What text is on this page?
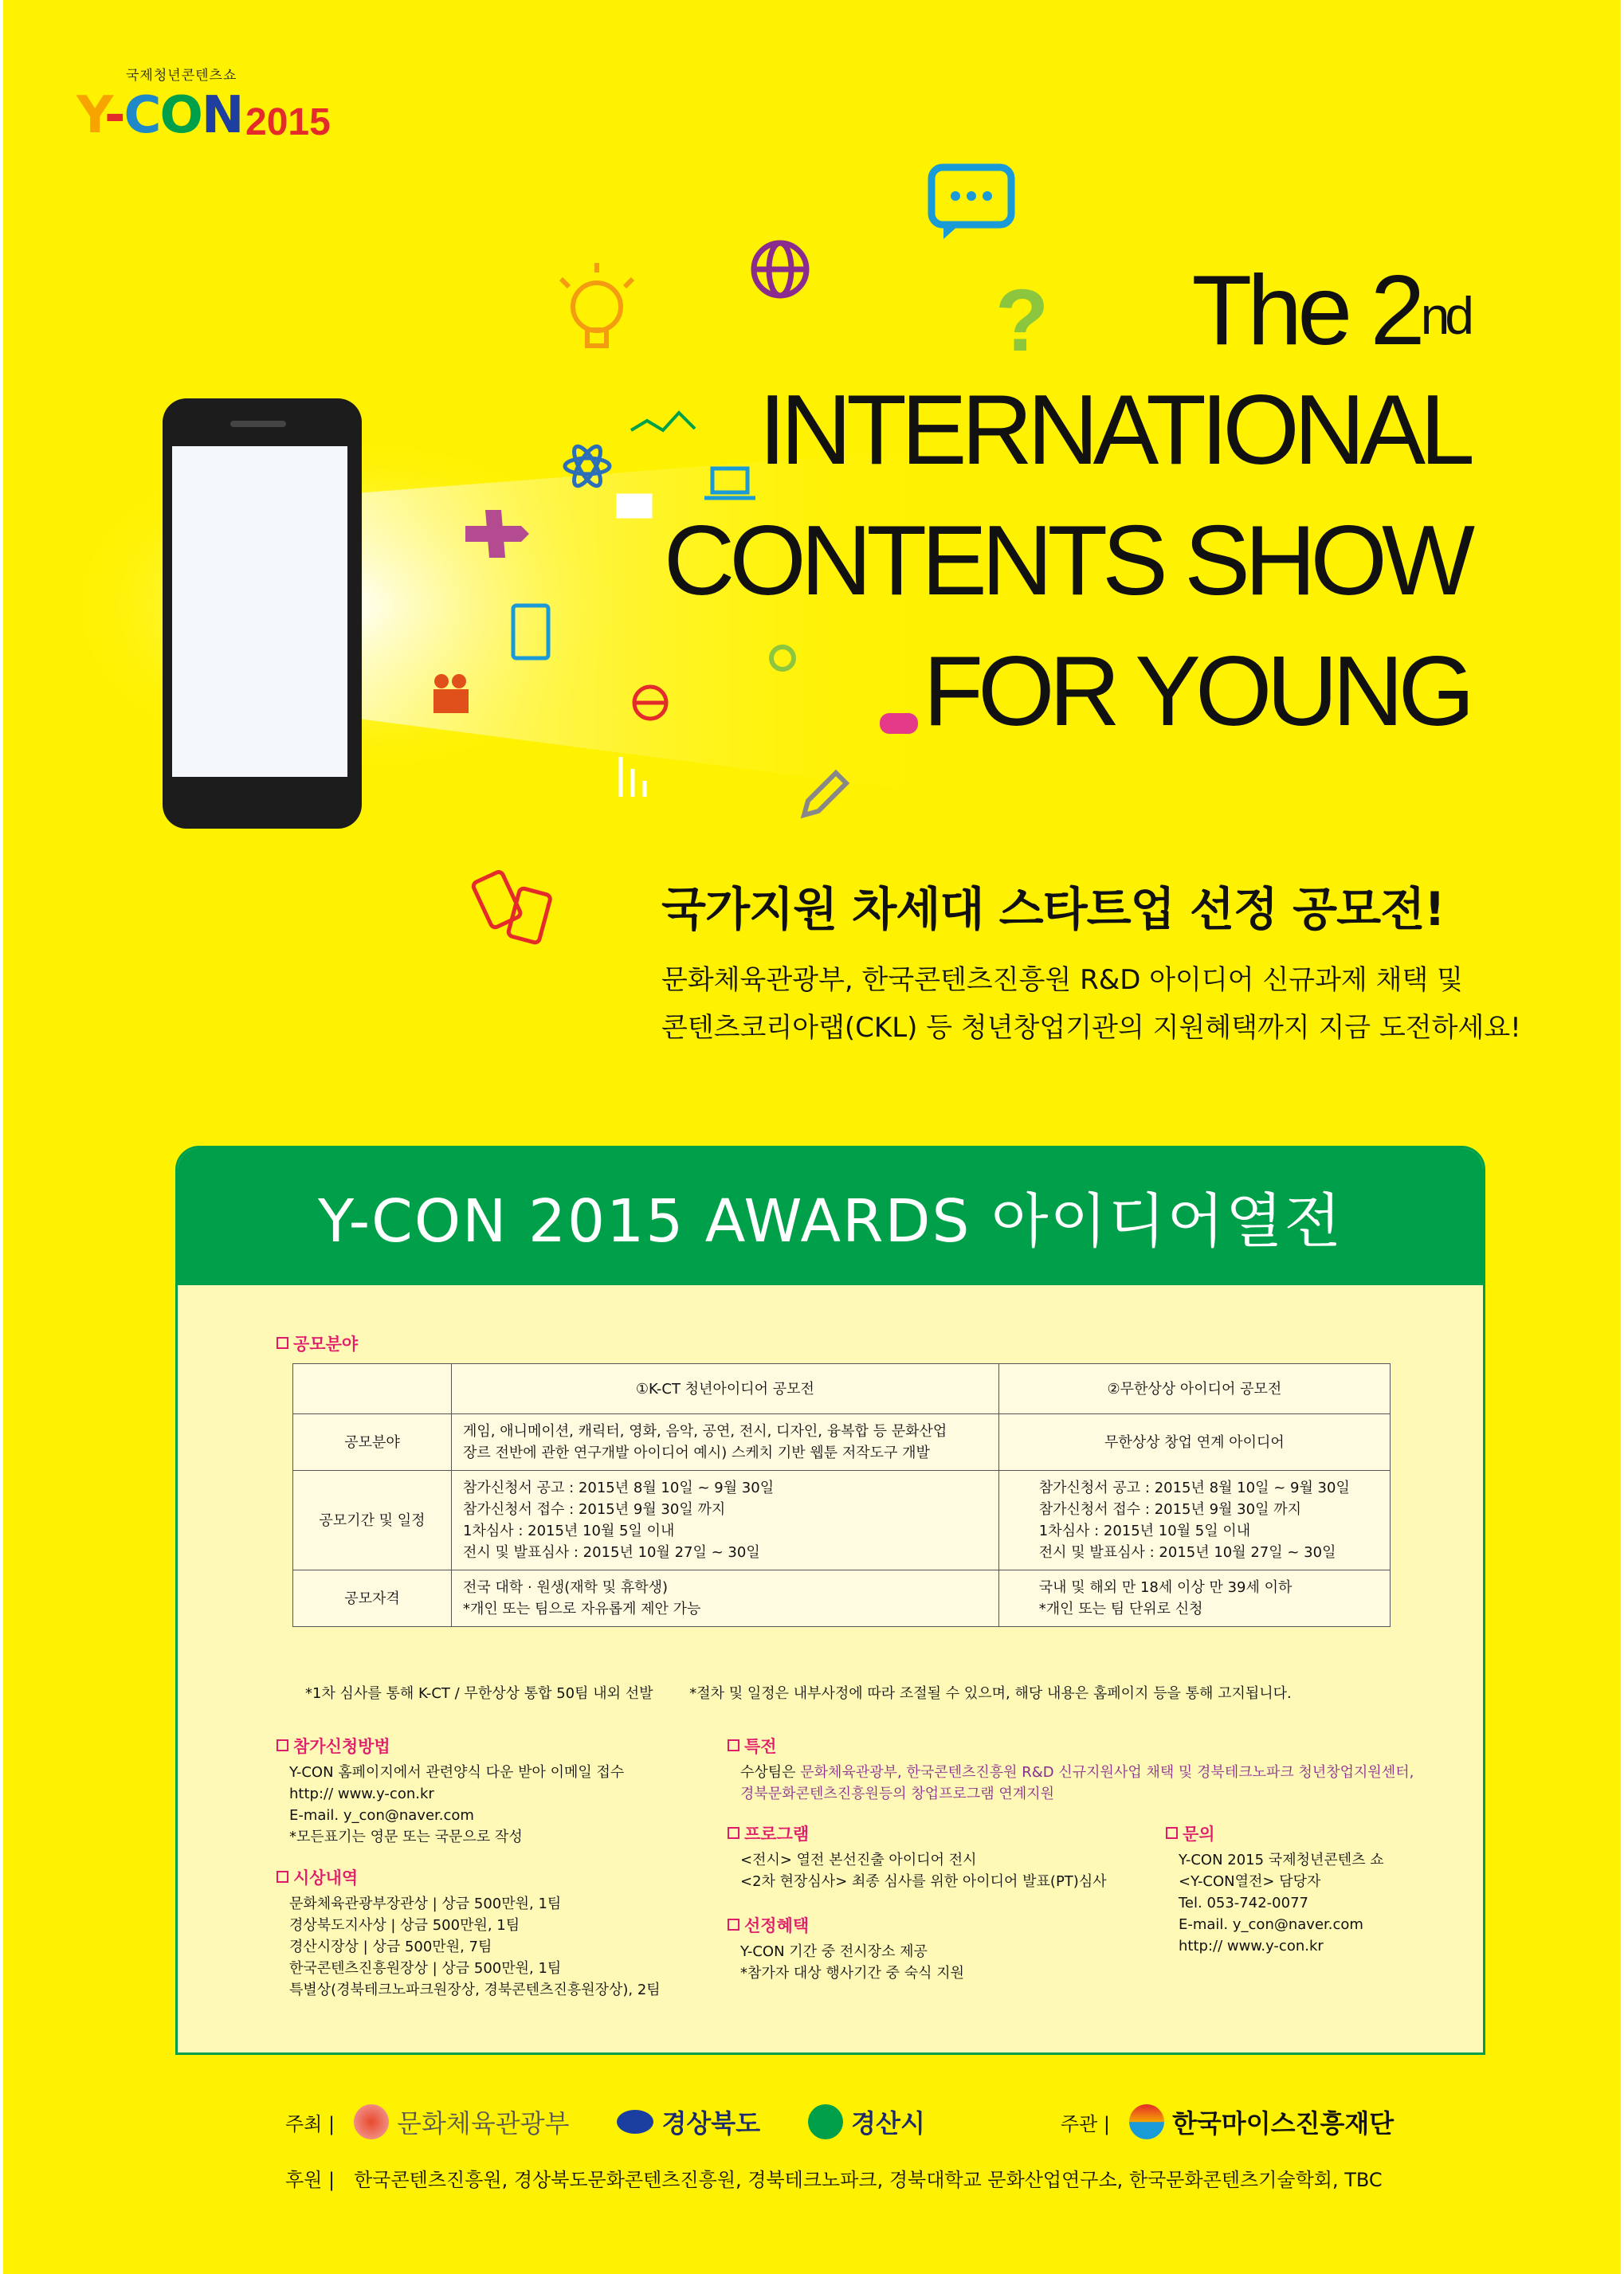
국제청년콘텐츠쇼
Y-CON 2015
?	The 2nd
INTERNATIONAL
CONTENTS SHOW
FOR YOUNG
국가지원 차세대 스타트업 선정 공모전!
문화체육관광부, 한국콘텐츠진흥원 R&D 아이디어 신규과제 채택 및
콘텐츠코리아랩(CKL) 등 청년창업기관의 지원혜택까지 지금 도전하세요!
Y-CON 2015 AWARDS 아이디어열전
공모분야
	①K-CT 청년아이디어 공모전	②무한상상 아이디어 공모전
공모분야	게임, 애니메이션, 캐릭터, 영화, 음악, 공연, 전시, 디자인, 융복합 등 문화산업
장르 전반에 관한 연구개발 아이디어 예시) 스케치 기반 웹툰 저작도구 개발	무한상상 창업 연계 아이디어
공모기간 및 일정	참가신청서 공고 : 2015년 8월 10일 ~ 9월 30일
참가신청서 접수 : 2015년 9월 30일 까지
1차심사 : 2015년 10월 5일 이내
전시 및 발표심사 : 2015년 10월 27일 ~ 30일	참가신청서 공고 : 2015년 8월 10일 ~ 9월 30일
참가신청서 접수 : 2015년 9월 30일 까지
1차심사 : 2015년 10월 5일 이내
전시 및 발표심사 : 2015년 10월 27일 ~ 30일
공모자격	전국 대학 · 원생(재학 및 휴학생)
*개인 또는 팀으로 자유롭게 제안 가능	국내 및 해외 만 18세 이상 만 39세 이하
*개인 또는 팀 단위로 신청
*1차 심사를 통해 K-CT / 무한상상 통합 50팀 내외 선발	*절차 및 일정은 내부사정에 따라 조절될 수 있으며, 해당 내용은 홈페이지 등을 통해 고지됩니다.
참가신청방법
Y-CON 홈페이지에서 관련양식 다운 받아 이메일 접수
http:// www.y-con.kr
E-mail. y_con@naver.com
*모든표기는 영문 또는 국문으로 작성
시상내역
문화체육관광부장관상 | 상금 500만원, 1팀
경상북도지사상 | 상금 500만원, 1팀
경산시장상 | 상금 500만원, 7팀
한국콘텐츠진흥원장상 | 상금 500만원, 1팀
특별상(경북테크노파크원장상, 경북콘텐츠진흥원장상), 2팀
특전
수상팀은 문화체육관광부, 한국콘텐츠진흥원 R&D 신규지원사업 채택 및 경북테크노파크 청년창업지원센터,
경북문화콘텐츠진흥원등의 창업프로그램 연계지원
프로그램
<전시> 열전 본선진출 아이디어 전시
<2차 현장심사> 최종 심사를 위한 아이디어 발표(PT)심사
선정혜택
Y-CON 기간 중 전시장소 제공
*참가자 대상 행사기간 중 숙식 지원
문의
Y-CON 2015 국제청년콘텐츠 쇼
<Y-CON열전> 담당자
Tel. 053-742-0077
E-mail. y_con@naver.com
http:// www.y-con.kr
주최 | 문화체육관광부	경상북도	경산시	주관 | 한국마이스진흥재단
후원 | 한국콘텐츠진흥원, 경상북도문화콘텐츠진흥원, 경북테크노파크, 경북대학교 문화산업연구소, 한국문화콘텐츠기술학회, TBC
